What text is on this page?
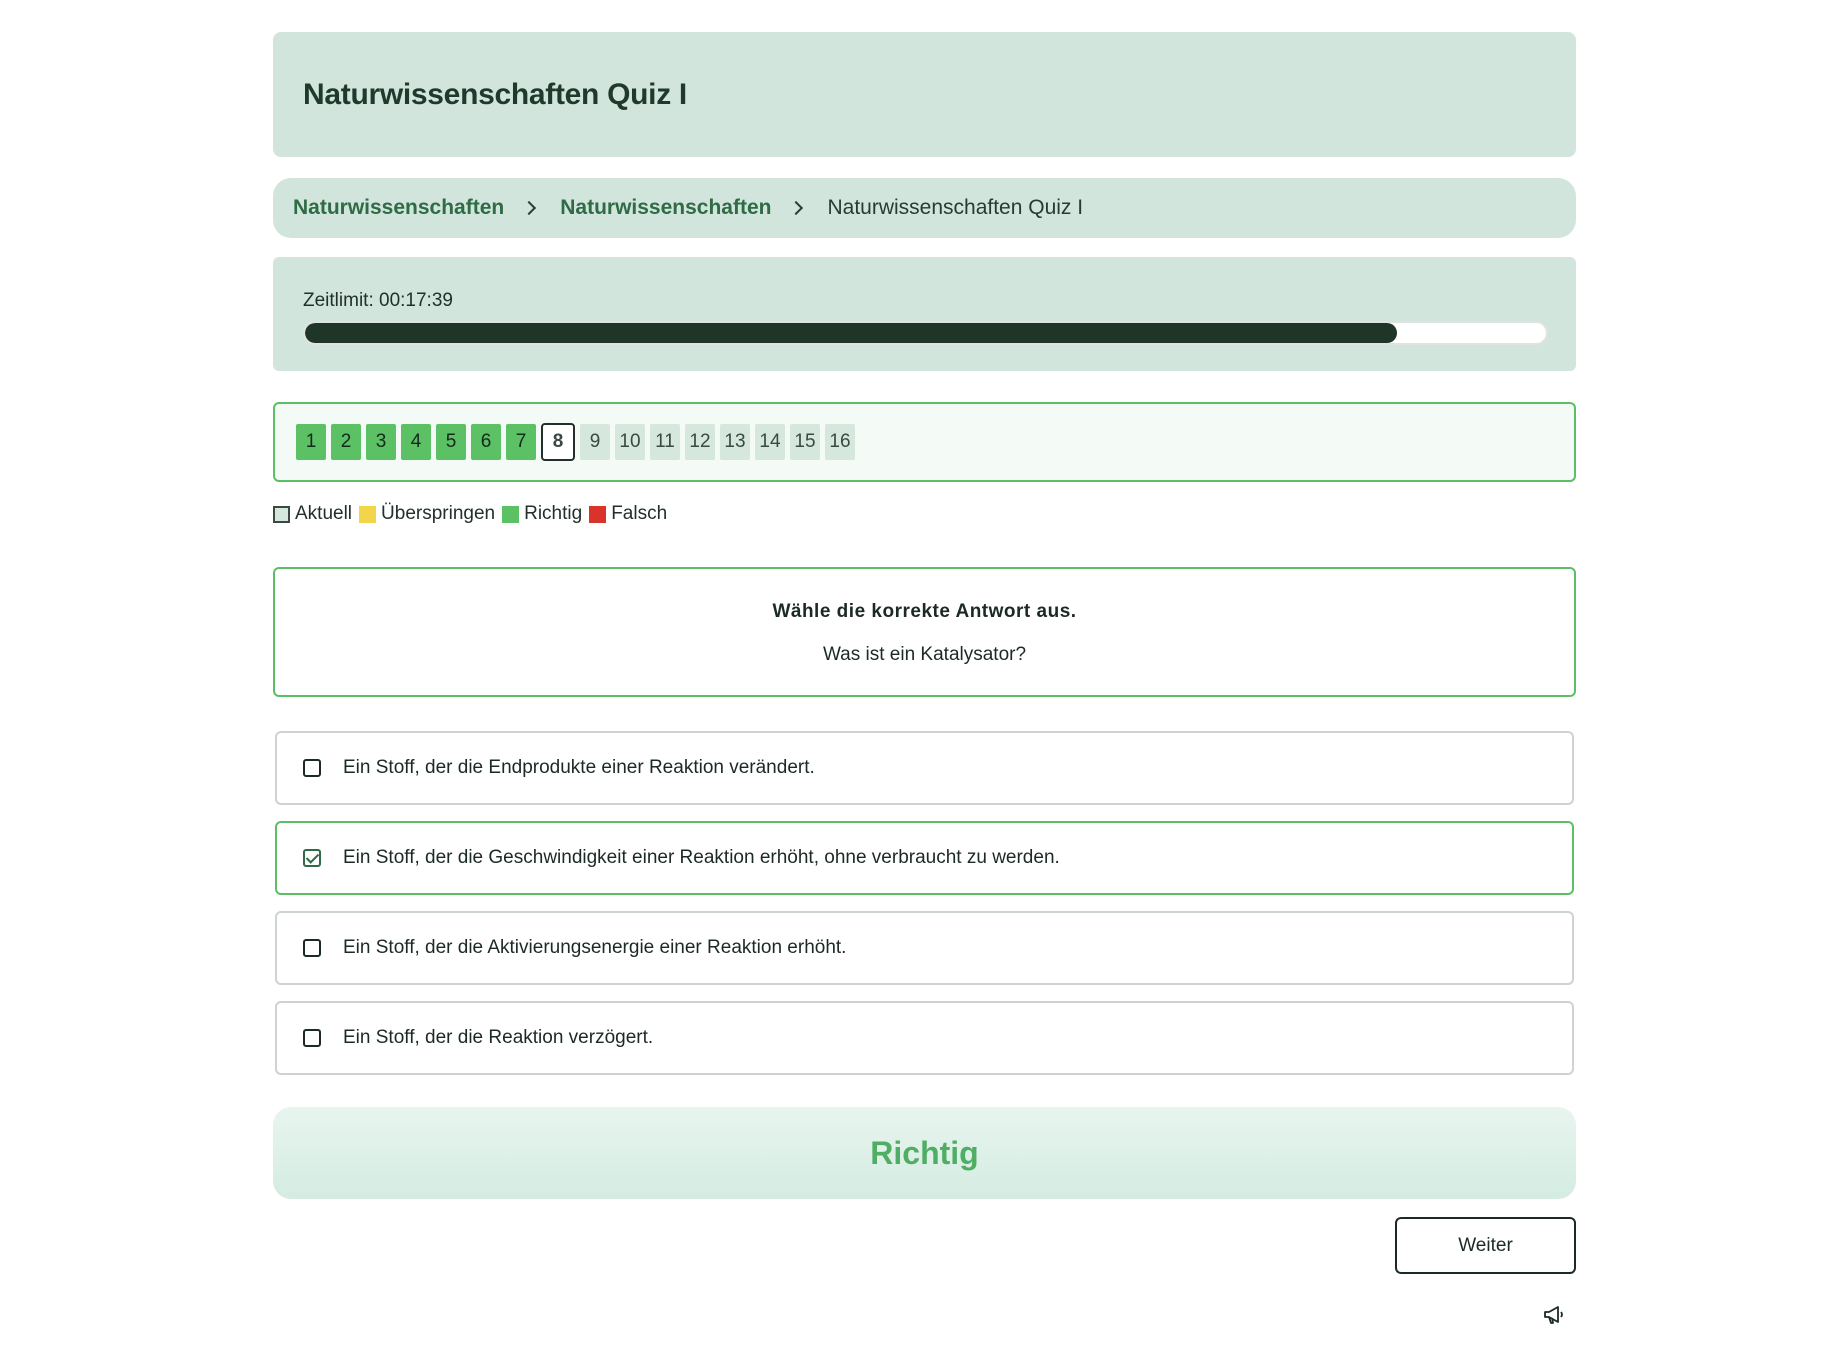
Naturwissenschaften Quiz I
Naturwissenschaften	Naturwissenschaften	Naturwissenschaften Quiz I
Zeitlimit: 00:17:39
1	2	3	4	5	6	7	8	9	10 11 12 13 14 15 16
Aktuell Überspringen Richtig Falsch
Wähle die korrekte Antwort aus.
Was ist ein Katalysator?
Ein Stoff, der die Endprodukte einer Reaktion verändert.
Ein Stoff, der die Geschwindigkeit einer Reaktion erhöht, ohne verbraucht zu werden.
Ein Stoff, der die Aktivierungsenergie einer Reaktion erhöht.
Ein Stoff, der die Reaktion verzögert.
Richtig
Weiter
